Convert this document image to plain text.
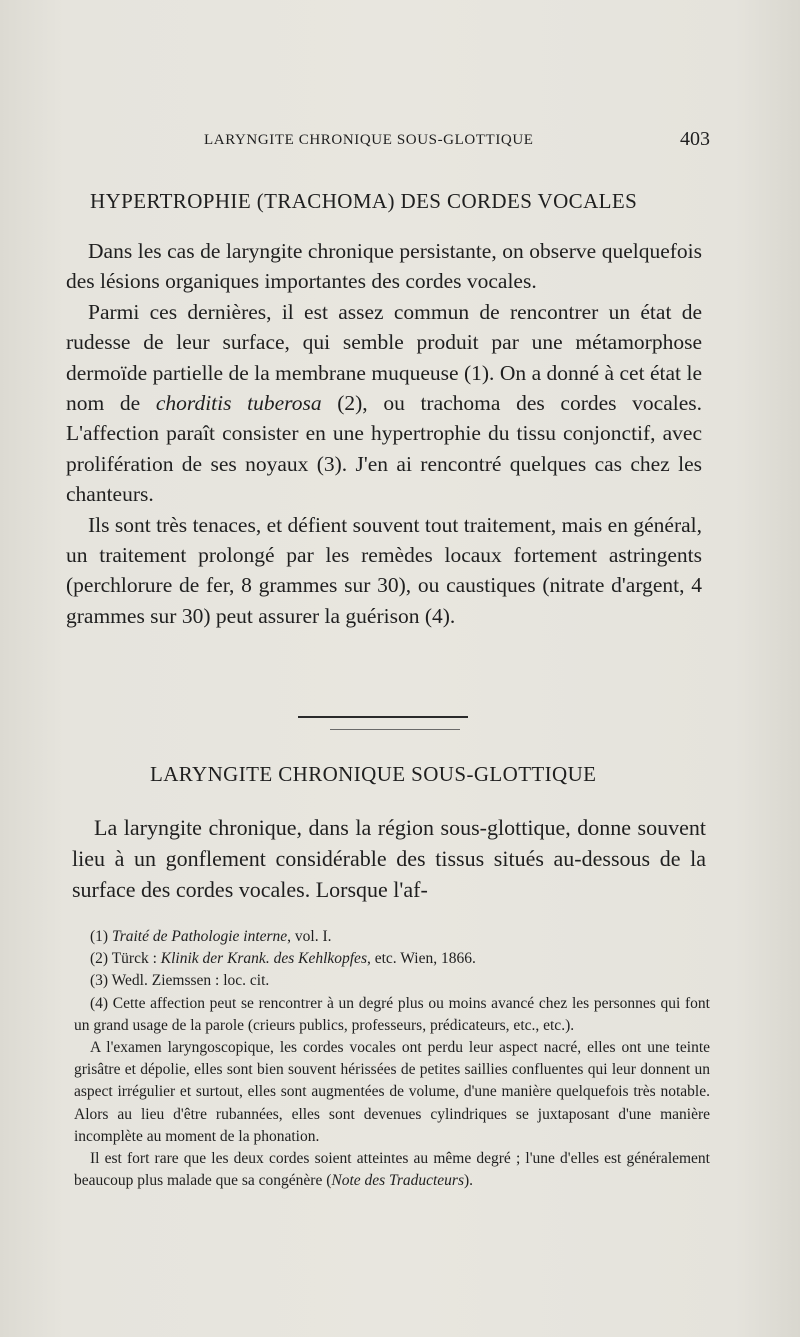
LARYNGITE CHRONIQUE SOUS-GLOTTIQUE	403
HYPERTROPHIE (TRACHOMA) DES CORDES VOCALES

Dans les cas de laryngite chronique persistante, on observe quelquefois des lésions organiques importantes des cordes vocales.

Parmi ces dernières, il est assez commun de rencontrer un état de rudesse de leur surface, qui semble produit par une métamorphose dermoïde partielle de la membrane muqueuse (1). On a donné à cet état le nom de chorditis tuberosa (2), ou trachoma des cordes vocales. L'affection paraît consister en une hypertrophie du tissu conjonctif, avec prolifération de ses noyaux (3). J'en ai rencontré quelques cas chez les chanteurs.

Ils sont très tenaces, et défient souvent tout traitement, mais en général, un traitement prolongé par les remèdes locaux fortement astringents (perchlorure de fer, 8 grammes sur 30), ou caustiques (nitrate d'argent, 4 grammes sur 30) peut assurer la guérison (4).

LARYNGITE CHRONIQUE SOUS-GLOTTIQUE

La laryngite chronique, dans la région sous-glottique, donne souvent lieu à un gonflement considérable des tissus situés au-dessous de la surface des cordes vocales. Lorsque l'af-

(1) Traité de Pathologie interne, vol. I.

(2) Türck : Klinik der Krank. des Kehlkopfes, etc. Wien, 1866.

(3) Wedl. Ziemssen : loc. cit.

(4) Cette affection peut se rencontrer à un degré plus ou moins avancé chez les personnes qui font un grand usage de la parole (crieurs publics, professeurs, prédicateurs, etc., etc.).

A l'examen laryngoscopique, les cordes vocales ont perdu leur aspect nacré, elles ont une teinte grisâtre et dépolie, elles sont bien souvent hérissées de petites saillies confluentes qui leur donnent un aspect irrégulier et surtout, elles sont augmentées de volume, d'une manière quelquefois très notable. Alors au lieu d'être rubannées, elles sont devenues cylindriques se juxtaposant d'une manière incomplète au moment de la phonation.

Il est fort rare que les deux cordes soient atteintes au même degré ; l'une d'elles est généralement beaucoup plus malade que sa congénère (Note des Traducteurs).
